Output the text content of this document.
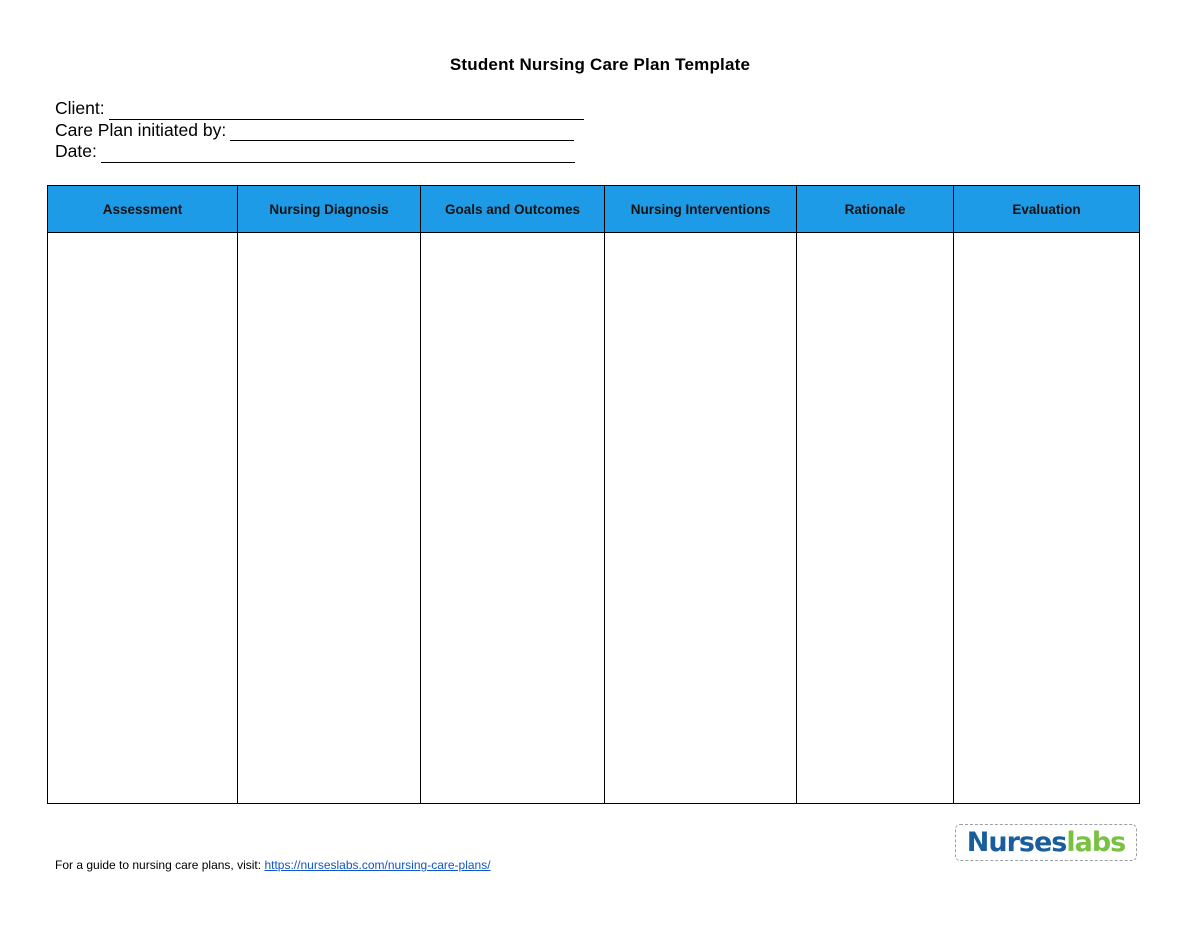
Student Nursing Care Plan Template
Client:
Care Plan initiated by:
Date:
Assessment	Nursing Diagnosis	Goals and Outcomes	Nursing Interventions	Rationale	Evaluation

For a guide to nursing care plans, visit: https://nurseslabs.com/nursing-care-plans/
Nurses labs
